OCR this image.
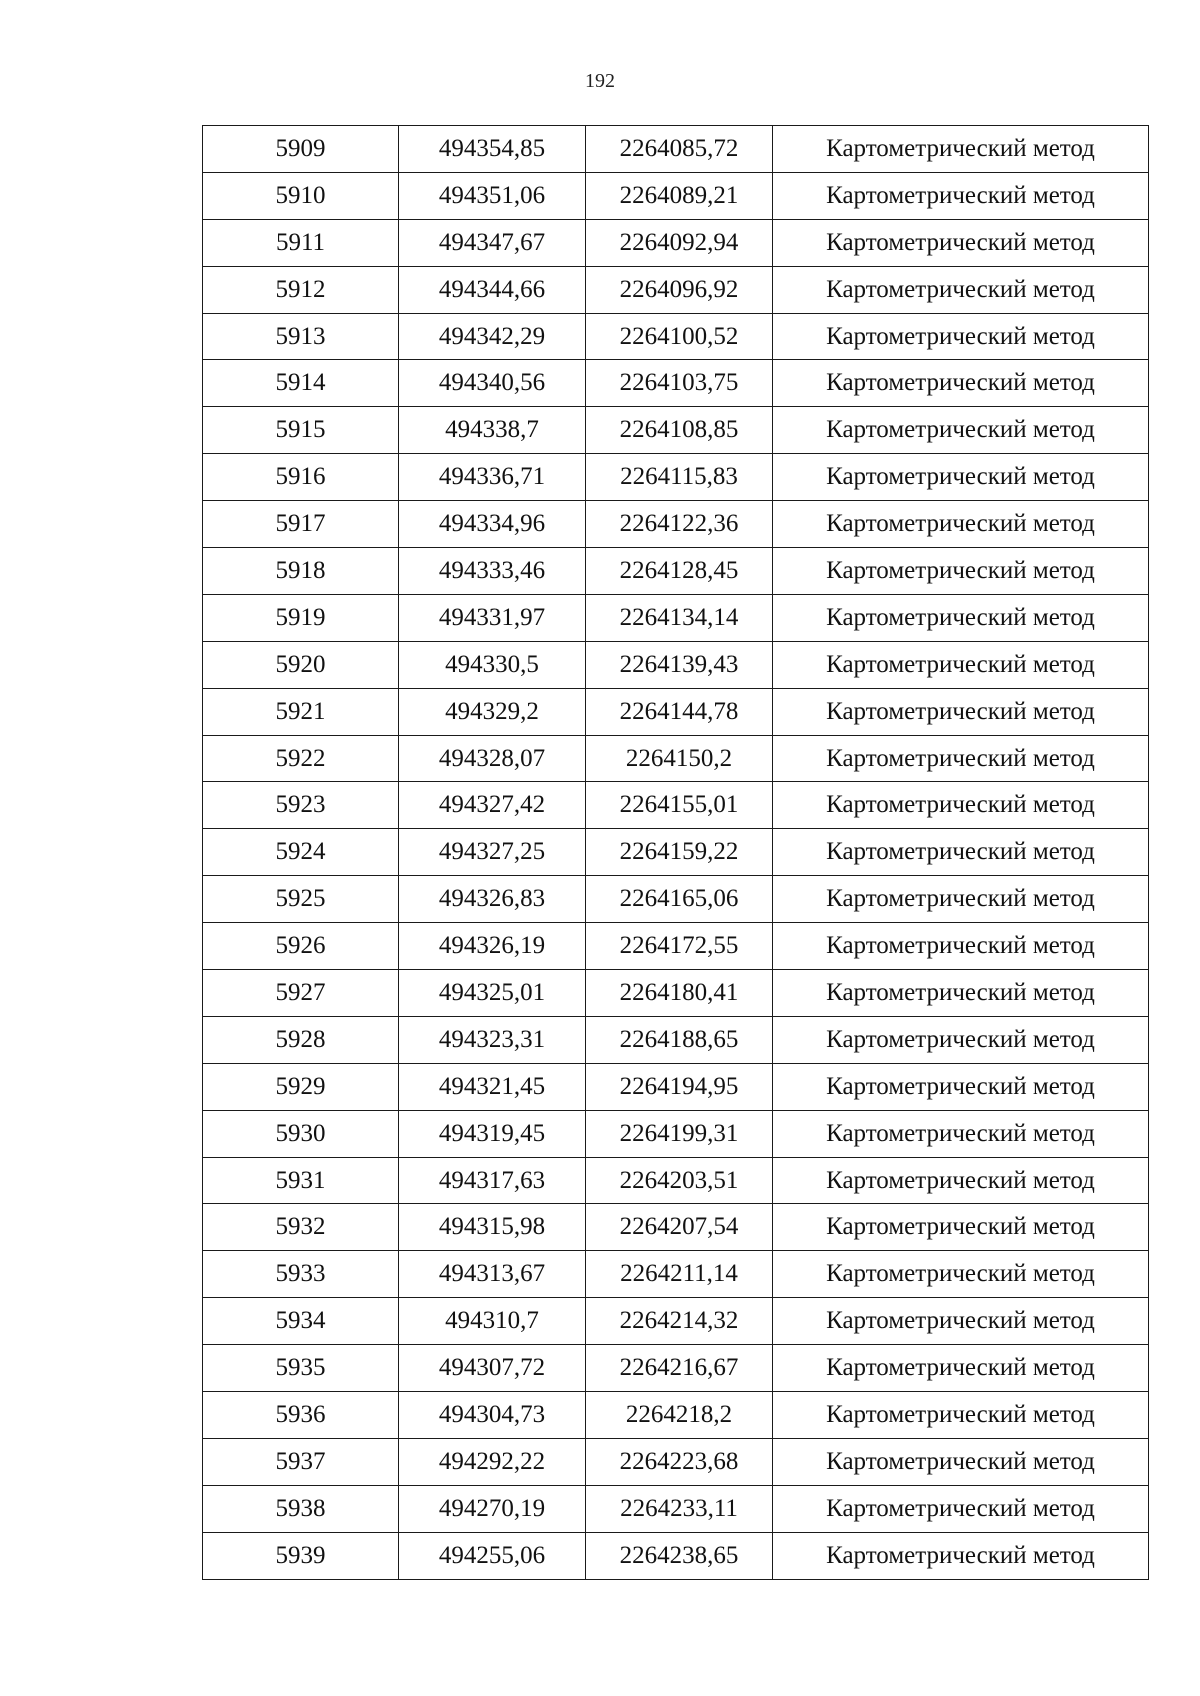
192
5909	494354,85	2264085,72	Картометрический метод
5910	494351,06	2264089,21	Картометрический метод
5911	494347,67	2264092,94	Картометрический метод
5912	494344,66	2264096,92	Картометрический метод
5913	494342,29	2264100,52	Картометрический метод
5914	494340,56	2264103,75	Картометрический метод
5915	494338,7	2264108,85	Картометрический метод
5916	494336,71	2264115,83	Картометрический метод
5917	494334,96	2264122,36	Картометрический метод
5918	494333,46	2264128,45	Картометрический метод
5919	494331,97	2264134,14	Картометрический метод
5920	494330,5	2264139,43	Картометрический метод
5921	494329,2	2264144,78	Картометрический метод
5922	494328,07	2264150,2	Картометрический метод
5923	494327,42	2264155,01	Картометрический метод
5924	494327,25	2264159,22	Картометрический метод
5925	494326,83	2264165,06	Картометрический метод
5926	494326,19	2264172,55	Картометрический метод
5927	494325,01	2264180,41	Картометрический метод
5928	494323,31	2264188,65	Картометрический метод
5929	494321,45	2264194,95	Картометрический метод
5930	494319,45	2264199,31	Картометрический метод
5931	494317,63	2264203,51	Картометрический метод
5932	494315,98	2264207,54	Картометрический метод
5933	494313,67	2264211,14	Картометрический метод
5934	494310,7	2264214,32	Картометрический метод
5935	494307,72	2264216,67	Картометрический метод
5936	494304,73	2264218,2	Картометрический метод
5937	494292,22	2264223,68	Картометрический метод
5938	494270,19	2264233,11	Картометрический метод
5939	494255,06	2264238,65	Картометрический метод
